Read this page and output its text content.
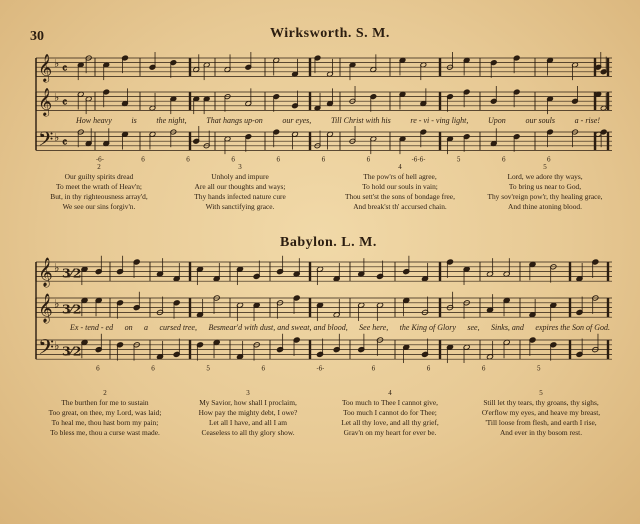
30	Wirksworth. S. M.
Babylon. L. M.
𝄞 ♭ 𝄴
𝄞 ♭ 𝄴
𝄢 ♭ 𝄴
-6-	6	6	6	6	6	6	-6-6-	5	6	6
𝄞 ♭ 3⁄2
𝄞 ♭ 3⁄2
𝄢 ♭ 3⁄2
6	6	5	6	-6-	6	6	6	5
How heavy is the night, That hangs up-on our eyes, Till Christ with his re - vi - ving light, Upon our souls a - rise!
Ex - tend - ed on a cursed tree, Besmear'd with dust, and sweat, and blood, See here, the King of Glory see, Sinks, and expires the Son of God.
2
Our guilty spirits dread
To meet the wrath of Heav'n;
But, in thy righteousness array'd,
We see our sins forgiv'n.
3
Unholy and impure
Are all our thoughts and ways;
Thy hands infected nature cure
With sanctifying grace.
4
The pow'rs of hell agree,
To hold our souls in vain;
Thou sett'st the sons of bondage free,
And break'st th' accursed chain.
5
Lord, we adore thy ways,
To bring us near to God,
Thy sov'reign pow'r, thy healing grace,
And thine atoning blood.
2
The burthen for me to sustain
Too great, on thee, my Lord, was laid;
To heal me, thou hast born my pain;
To bless me, thou a curse wast made.
3
My Savior, how shall I proclaim,
How pay the mighty debt, I owe?
Let all I have, and all I am
Ceaseless to all thy glory show.
4
Too much to Thee I cannot give,
Too much I cannot do for Thee;
Let all thy love, and all thy grief,
Grav'n on my heart for ever be.
5
Still let thy tears, thy groans, thy sighs,
O'erflow my eyes, and heave my breast,
'Till loose from flesh, and earth I rise,
And ever in thy bosom rest.
